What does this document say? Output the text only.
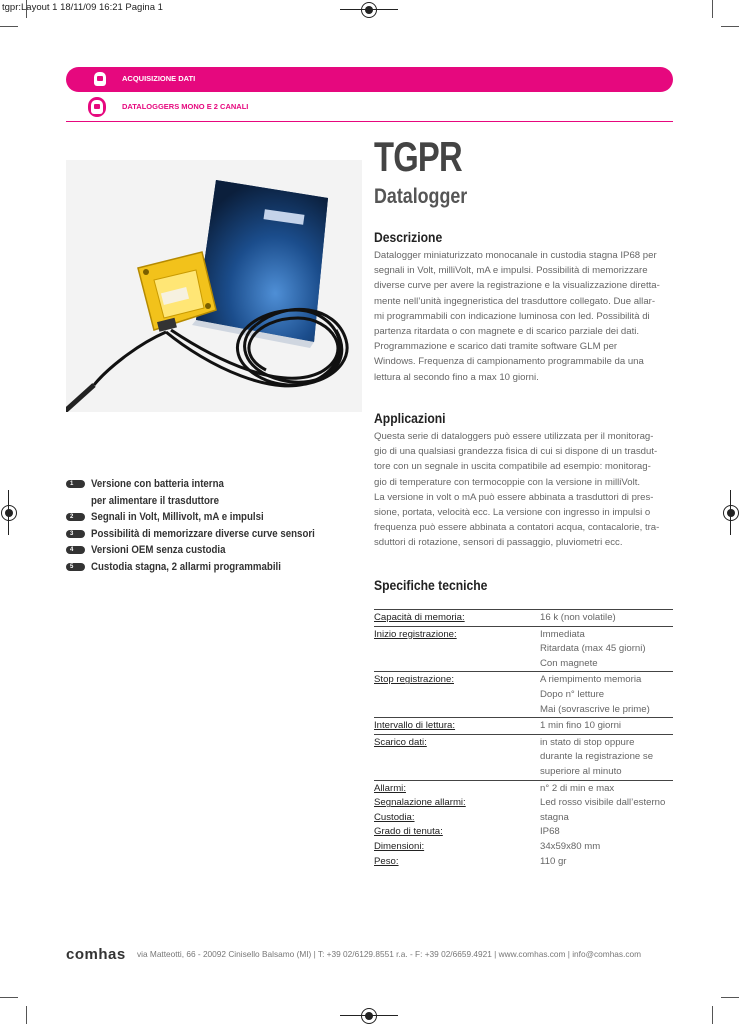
tgpr:Layout 1 18/11/09 16:21 Pagina 1
ACQUISIZIONE DATI
DATALOGGERS MONO E 2 CANALI
TGPR
Datalogger
Descrizione
Datalogger miniaturizzato monocanale in custodia stagna IP68 per
segnali in Volt, milliVolt, mA e impulsi. Possibilità di memorizzare
diverse curve per avere la registrazione e la visualizzazione diretta-
mente nell’unità ingegneristica del trasduttore collegato. Due allar-
mi programmabili con indicazione luminosa con led. Possibilità di
partenza ritardata o con magnete e di scarico parziale dei dati.
Programmazione e scarico dati tramite software GLM per
Windows. Frequenza di campionamento programmabile da una
lettura al secondo fino a max 10 giorni.
Applicazioni
Questa serie di dataloggers può essere utilizzata per il monitorag-
gio di una qualsiasi grandezza fisica di cui si dispone di un trasdut-
tore con un segnale in uscita compatibile ad esempio: monitorag-
gio di temperature con termocoppie con la versione in milliVolt.
La versione in volt o mA può essere abbinata a trasduttori di pres-
sione, portata, velocità ecc. La versione con ingresso in impulsi o
frequenza può essere abbinata a contatori acqua, contacalorie, tra-
sduttori di rotazione, sensori di passaggio, pluviometri ecc.
1	Versione con batteria interna
per alimentare il trasduttore
2	Segnali in Volt, Millivolt, mA e impulsi
3	Possibilità di memorizzare diverse curve sensori
4	Versioni OEM senza custodia
5	Custodia stagna, 2 allarmi programmabili
Specifiche tecniche
Capacità di memoria:	16 k (non volatile)
Inizio registrazione:	Immediata
Ritardata (max 45 giorni)
Con magnete

Stop registrazione:	A riempimento memoria
Dopo n° letture
Mai (sovrascrive le prime)

Intervallo di lettura:	1 min fino 10 giorni
Scarico dati:	in stato di stop oppure
durante la registrazione se
superiore al minuto

Allarmi:	n° 2 di min e max
Segnalazione allarmi:	Led rosso visibile dall’esterno
Custodia:	stagna
Grado di tenuta:	IP68
Dimensioni:	34x59x80 mm
Peso:	110 gr
comhas via Matteotti, 66 - 20092 Cinisello Balsamo (MI) | T: +39 02/6129.8551 r.a. - F: +39 02/6659.4921 | www.comhas.com | info@comhas.com
